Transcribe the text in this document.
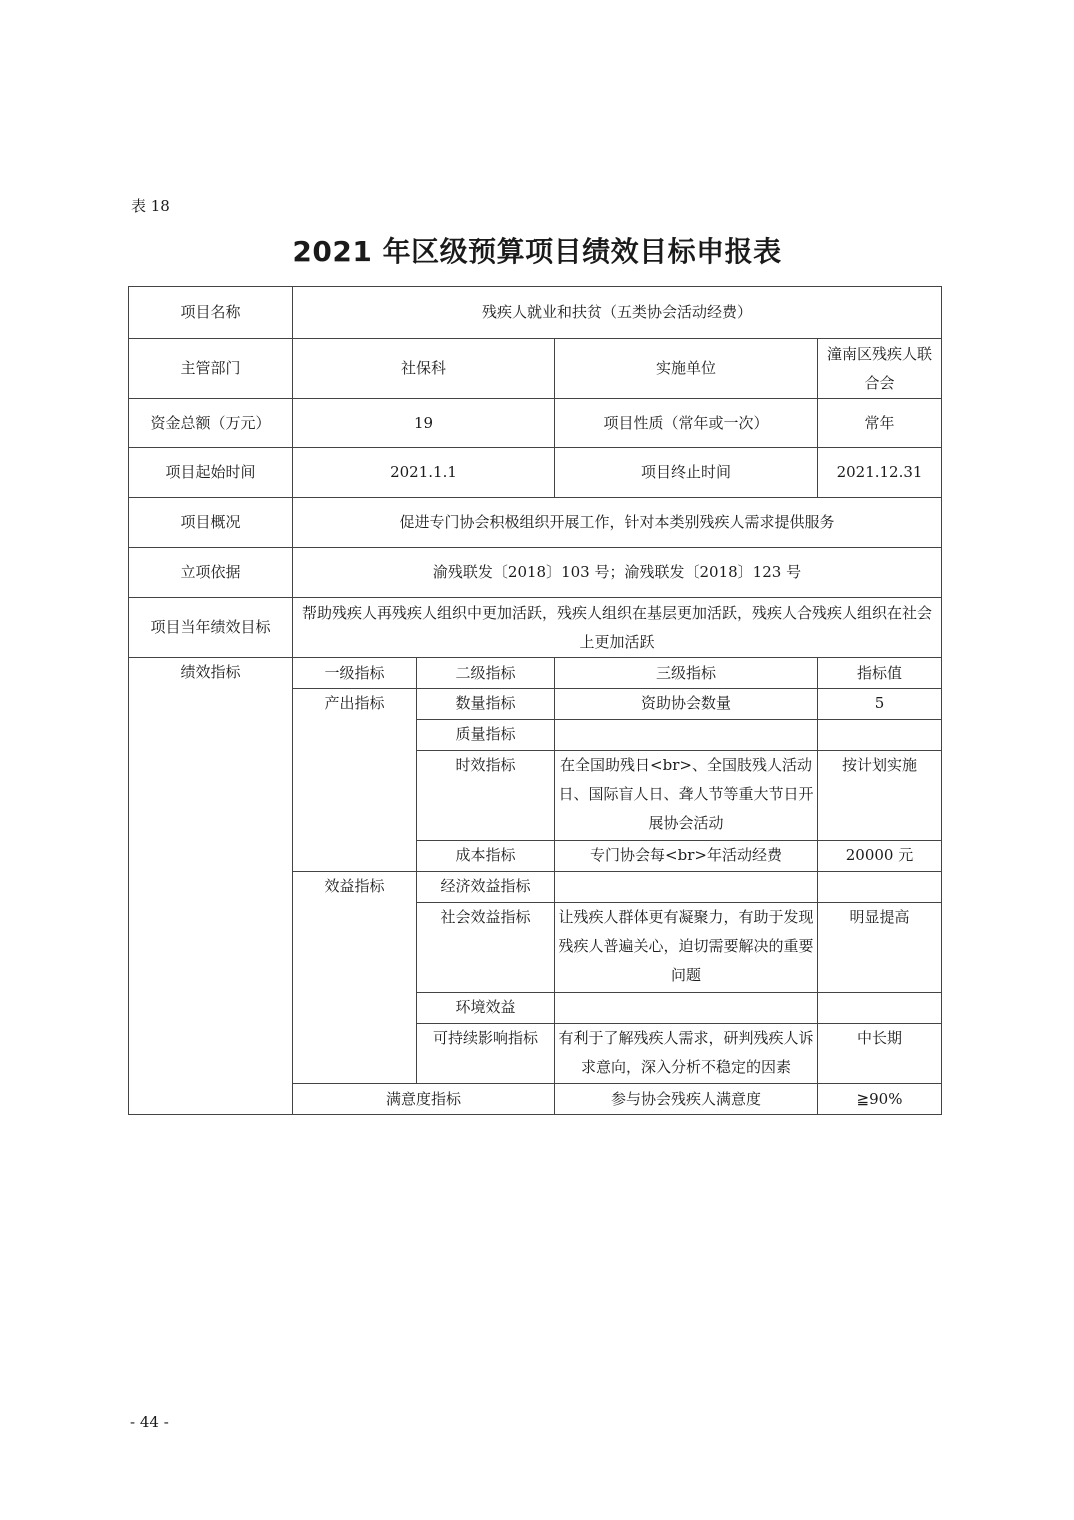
表 18
2021 年区级预算项目绩效目标申报表
项目名称	残疾人就业和扶贫（五类协会活动经费）			
主管部门	社保科		实施单位	潼南区残疾人联合会
资金总额（万元）	19		项目性质（常年或一次）	常年
项目起始时间	2021.1.1		项目终止时间	2021.12.31
项目概况	促进专门协会积极组织开展工作，针对本类别残疾人需求提供服务			
立项依据	渝残联发〔2018〕103 号；渝残联发〔2018〕123 号			
项目当年绩效目标	帮助残疾人再残疾人组织中更加活跃，残疾人组织在基层更加活跃，残疾人合残疾人组织在社会上更加活跃			
绩效指标	一级指标	二级指标	三级指标	指标值
	产出指标	数量指标	资助协会数量	5
		质量指标		
		时效指标	在全国助残日<br>、全国肢残人活动日、国际盲人日、聋人节等重大节日开展协会活动	按计划实施
		成本指标	专门协会每<br>年活动经费	20000 元
	效益指标	经济效益指标		
		社会效益指标	让残疾人群体更有凝聚力，有助于发现残疾人普遍关心，迫切需要解决的重要问题	明显提高
		环境效益		
		可持续影响指标	有利于了解残疾人需求，研判残疾人诉求意向，深入分析不稳定的因素	中长期
	满意度指标		参与协会残疾人满意度	≧90%
- 44 -
